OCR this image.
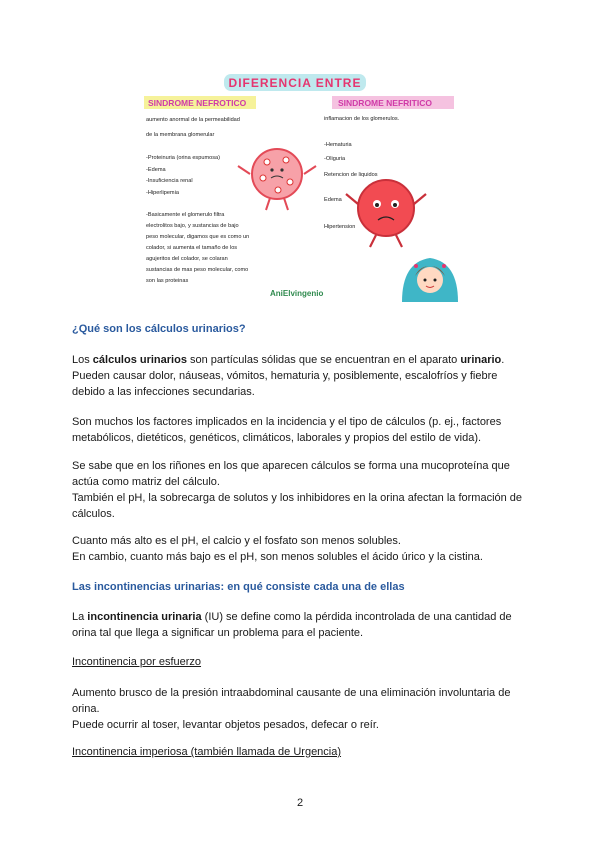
DIFERENCIA ENTRE
SINDROME NEFROTICO	SINDROME NEFRITICO
aumento anormal de la permeabilidad
de la membrana glomerular
-Proteinuria (orina espumosa)
-Edema
-Insuficiencia renal
-Hiperlipemia
-Basicamente el glomerulo filtra
electrolitos bajo, y sustancias de bajo
peso molecular, digamos que es como un
colador, si aumenta el tamaño de los
agujeritos del colador, se colaran
sustancias de mas peso molecular, como
son las proteinas
inflamacion de los glomerulos.
-Hematuria
-Oliguria
Retencion de liquidos
Edema
Hipertension
AniElvingenio
¿Qué son los cálculos urinarios?

Los cálculos urinarios son partículas sólidas que se encuentran en el aparato urinario.

Pueden causar dolor, náuseas, vómitos, hematuria y, posiblemente, escalofríos y fiebre

debido a las infecciones secundarias.

Son muchos los factores implicados en la incidencia y el tipo de cálculos (p. ej., factores

metabólicos, dietéticos, genéticos, climáticos, laborales y propios del estilo de vida).

Se sabe que en los riñones en los que aparecen cálculos se forma una mucoproteína que

actúa como matriz del cálculo.

También el pH, la sobrecarga de solutos y los inhibidores en la orina afectan la formación de

cálculos.

Cuanto más alto es el pH, el calcio y el fosfato son menos solubles.

En cambio, cuanto más bajo es el pH, son menos solubles el ácido úrico y la cistina.

Las incontinencias urinarias: en qué consiste cada una de ellas

La incontinencia urinaria (IU) se define como la pérdida incontrolada de una cantidad de

orina tal que llega a significar un problema para el paciente.

Incontinencia por esfuerzo

Aumento brusco de la presión intraabdominal causante de una eliminación involuntaria de

orina.

Puede ocurrir al toser, levantar objetos pesados, defecar o reír.

Incontinencia imperiosa (también llamada de Urgencia)
2
